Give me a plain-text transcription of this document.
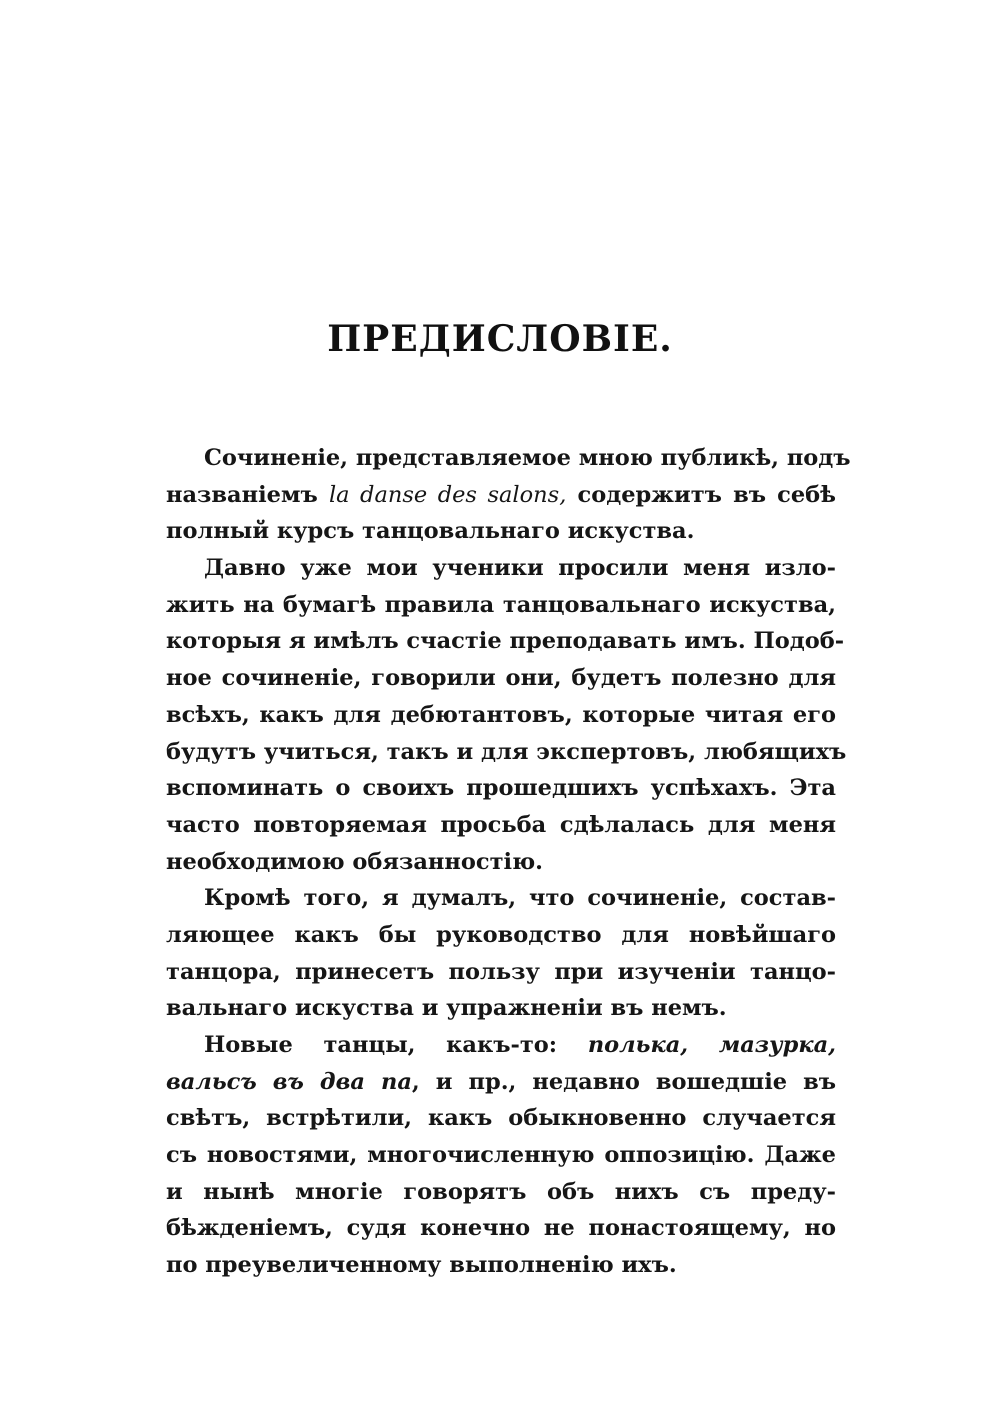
ПРЕДИСЛОВІЕ.
Сочиненіе, представляемое мною публикѣ, подъ
названіемъ la danse des salons, содержитъ въ себѣ
полный курсъ танцовальнаго искуства.
Давно уже мои ученики просили меня изло-
жить на бумагѣ правила танцовальнаго искуства,
которыя я имѣлъ счастіе преподавать имъ. Подоб-
ное сочиненіе, говорили они, будетъ полезно для
всѣхъ, какъ для дебютантовъ, которые читая его
будутъ учиться, такъ и для экспертовъ, любящихъ
вспоминать о своихъ прошедшихъ успѣхахъ. Эта
часто повторяемая просьба сдѣлалась для меня
необходимою обязанностію.
Кромѣ того, я думалъ, что сочиненіе, состав-
ляющее какъ бы руководство для новѣйшаго
танцора, принесетъ пользу при изученіи танцо-
вальнаго искуства и упражненіи въ немъ.
Новые танцы, какъ-то: полька, мазурка,
вальсъ въ два па, и пр., недавно вошедшіе въ
свѣтъ, встрѣтили, какъ обыкновенно случается
съ новостями, многочисленную оппозицію. Даже
и нынѣ многіе говорятъ объ нихъ съ преду-
бѣжденіемъ, судя конечно не понастоящему, но
по преувеличенному выполненію ихъ.
